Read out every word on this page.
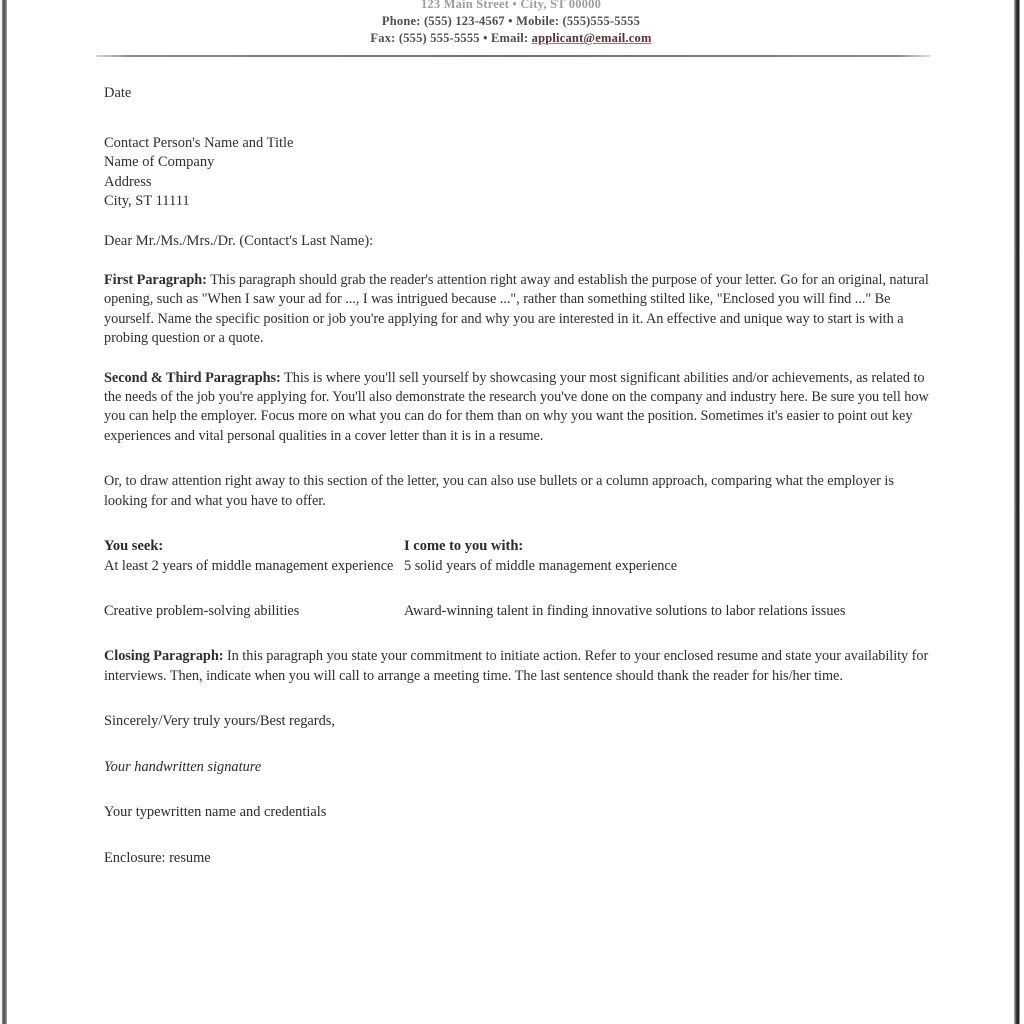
123 Main Street • City, ST 00000
Phone: (555) 123-4567 • Mobile: (555)555-5555
Fax: (555) 555-5555 • Email: applicant@email.com
Date
Contact Person's Name and Title
Name of Company
Address
City, ST 11111
Dear Mr./Ms./Mrs./Dr. (Contact's Last Name):

First Paragraph: This paragraph should grab the reader's attention right away and establish the purpose of your letter. Go for an original, natural opening, such as "When I saw your ad for ..., I was intrigued because ...", rather than something stilted like, "Enclosed you will find ..." Be yourself. Name the specific position or job you're applying for and why you are interested in it. An effective and unique way to start is with a probing question or a quote.

Second & Third Paragraphs: This is where you'll sell yourself by showcasing your most significant abilities and/or achievements, as related to the needs of the job you're applying for. You'll also demonstrate the research you've done on the company and industry here. Be sure you tell how you can help the employer. Focus more on what you can do for them than on why you want the position. Sometimes it's easier to point out key experiences and vital personal qualities in a cover letter than it is in a resume.

Or, to draw attention right away to this section of the letter, you can also use bullets or a column approach, comparing what the employer is looking for and what you have to offer.

You seek:	I come to you with:
At least 2 years of middle management experience 5 solid years of middle management experience
Creative problem-solving abilities	Award-winning talent in finding innovative solutions to labor relations issues

Closing Paragraph: In this paragraph you state your commitment to initiate action. Refer to your enclosed resume and state your availability for interviews. Then, indicate when you will call to arrange a meeting time. The last sentence should thank the reader for his/her time.

Sincerely/Very truly yours/Best regards,
Your handwritten signature
Your typewritten name and credentials
Enclosure: resume
